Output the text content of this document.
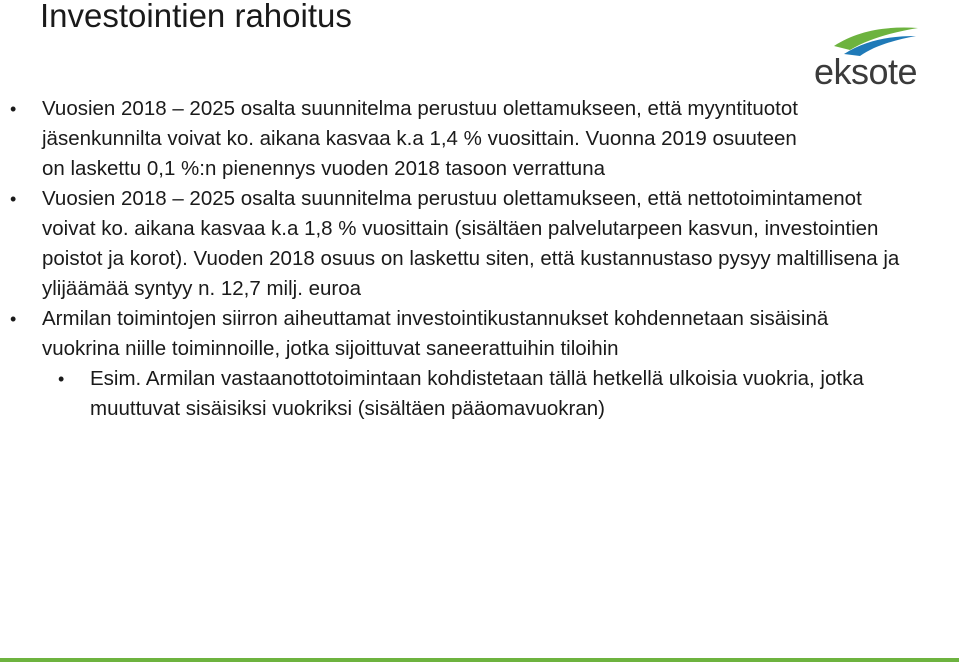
Investointien rahoitus
eksote
• Vuosien 2018 – 2025 osalta suunnitelma perustuu olettamukseen, että myyntituotot jäsenkunnilta voivat ko. aikana kasvaa k.a 1,4 % vuosittain. Vuonna 2019 osuuteen on laskettu 0,1 %:n pienennys vuoden 2018 tasoon verrattuna
• Vuosien 2018 – 2025 osalta suunnitelma perustuu olettamukseen, että nettotoimintamenot voivat ko. aikana kasvaa k.a 1,8 % vuosittain (sisältäen palvelutarpeen kasvun, investointien poistot ja korot). Vuoden 2018 osuus on laskettu siten, että kustannustaso pysyy maltillisena ja ylijäämää syntyy n. 12,7 milj. euroa
• Armilan toimintojen siirron aiheuttamat investointikustannukset kohdennetaan sisäisinä vuokrina niille toiminnoille, jotka sijoittuvat saneerattuihin tiloihin
• Esim. Armilan vastaanottotoimintaan kohdistetaan tällä hetkellä ulkoisia vuokria, jotka muuttuvat sisäisiksi vuokriksi (sisältäen pääomavuokran)
